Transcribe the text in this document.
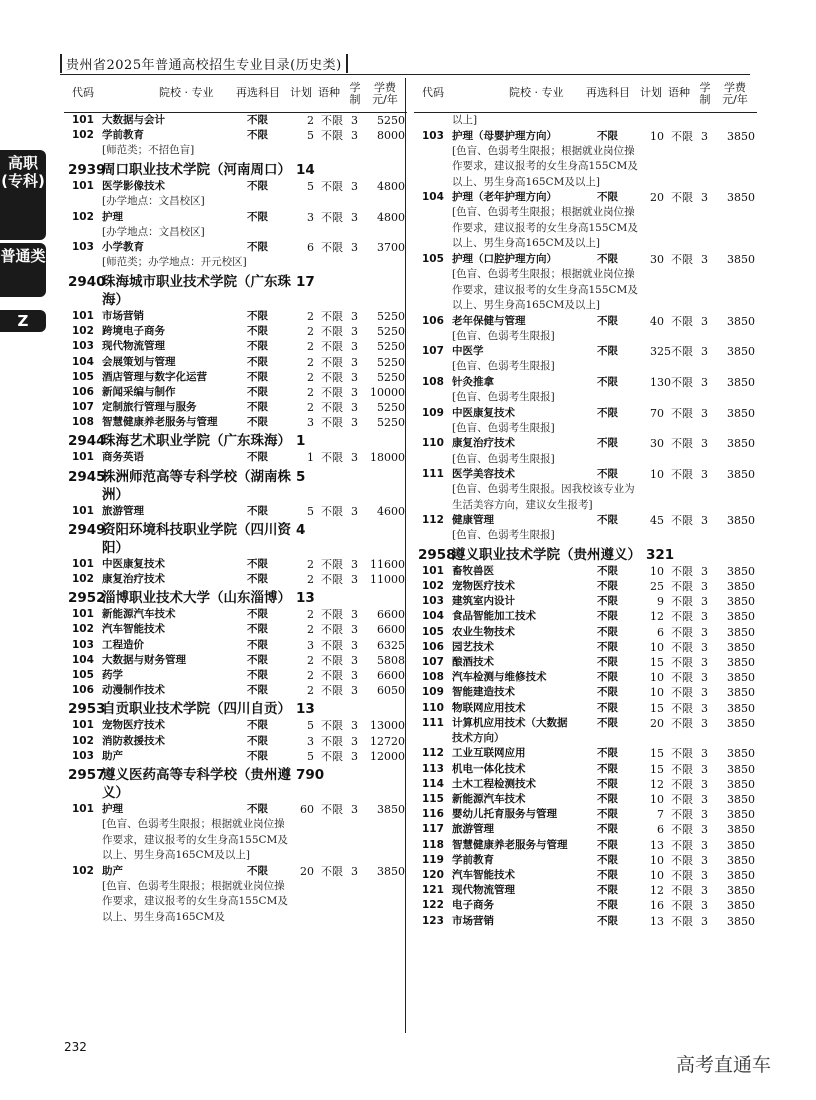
贵州省2025年普通高校招生专业目录(历史类)
高职(专科)
普通类
Z
代码	院校 · 专业 再选科目 计划 语种 学制
学费元/年
101 大数据与会计	不限	2 不限 3	5250
102 学前教育	不限	5 不限 3	8000
[师范类；不招色盲]
2939
周口职业技术学院（河南周口） 14
101 医学影像技术	不限	5 不限 3	4800
[办学地点：文昌校区]
102 护理	不限	3 不限 3	4800
[办学地点：文昌校区]
103 小学教育	不限	6 不限 3	3700
[师范类；办学地点：开元校区]
2940
珠海城市职业技术学院（广东珠海）
17
101 市场营销	不限	2 不限 3	5250
102 跨境电子商务	不限	2 不限 3	5250
103 现代物流管理	不限	2 不限 3	5250
104 会展策划与管理	不限	2 不限 3	5250
105 酒店管理与数字化运营	不限	2 不限 3	5250
106 新闻采编与制作	不限	2 不限 3 10000
107 定制旅行管理与服务	不限	2 不限 3	5250
108 智慧健康养老服务与管理	不限	3 不限 3	5250
2944
珠海艺术职业学院（广东珠海） 1
101 商务英语	不限	1 不限 3 18000
2945
株洲师范高等专科学校（湖南株洲）
5
101 旅游管理	不限	5 不限 3	4600
2949
资阳环境科技职业学院（四川资阳）
4
101 中医康复技术	不限	2 不限 3 11600
102 康复治疗技术	不限	2 不限 3 11000
2952
淄博职业技术大学（山东淄博） 13
101 新能源汽车技术	不限	2 不限 3	6600
102 汽车智能技术	不限	2 不限 3	6600
103 工程造价	不限	3 不限 3	6325
104 大数据与财务管理	不限	2 不限 3	5808
105 药学	不限	2 不限 3	6600
106 动漫制作技术	不限	2 不限 3	6050
2953
自贡职业技术学院（四川自贡） 13
101 宠物医疗技术	不限	5 不限 3 13000
102 消防救援技术	不限	3 不限 3 12720
103 助产	不限	5 不限 3 12000
2957
遵义医药高等专科学校（贵州遵义）
790
101 护理	不限	60 不限 3	3850
[色盲、色弱考生限报；根据就业岗位操作要求，建议报考的女生身高155CM及以上、男生身高165CM及以上]
102 助产	不限	20 不限 3	3850
[色盲、色弱考生限报；根据就业岗位操作要求，建议报考的女生身高155CM及以上、男生身高165CM及
代码	院校 · 专业 再选科目 计划 语种 学制
学费元/年
以上]
103 护理（母婴护理方向）	不限	10 不限 3	3850
[色盲、色弱考生限报；根据就业岗位操作要求，建议报考的女生身高155CM及以上、男生身高165CM及以上]
104 护理（老年护理方向）	不限	20 不限 3	3850
[色盲、色弱考生限报；根据就业岗位操作要求，建议报考的女生身高155CM及以上、男生身高165CM及以上]
105 护理（口腔护理方向）	不限	30 不限 3	3850
[色盲、色弱考生限报；根据就业岗位操作要求，建议报考的女生身高155CM及以上、男生身高165CM及以上]
106 老年保健与管理	不限	40 不限 3	3850
[色盲、色弱考生限报]
107 中医学	不限	325 不限 3	3850
[色盲、色弱考生限报]
108 针灸推拿	不限	130 不限 3	3850
[色盲、色弱考生限报]
109 中医康复技术	不限	70 不限 3	3850
[色盲、色弱考生限报]
110 康复治疗技术	不限	30 不限 3	3850
[色盲、色弱考生限报]
111 医学美容技术	不限	10 不限 3	3850
[色盲、色弱考生限报。因我校该专业为生活美容方向，建议女生报考]
112 健康管理	不限	45 不限 3	3850
[色盲、色弱考生限报]
2958
遵义职业技术学院（贵州遵义） 321
101 畜牧兽医	不限	10 不限 3	3850
102 宠物医疗技术	不限	25 不限 3	3850
103 建筑室内设计	不限	9 不限 3	3850
104 食品智能加工技术	不限	12 不限 3	3850
105 农业生物技术	不限	6 不限 3	3850
106 园艺技术	不限	10 不限 3	3850
107 酿酒技术	不限	15 不限 3	3850
108 汽车检测与维修技术	不限	10 不限 3	3850
109 智能建造技术	不限	10 不限 3	3850
110 物联网应用技术	不限	15 不限 3	3850
111 计算机应用技术（大数据	不限	20 不限 3	3850
技术方向）
112 工业互联网应用	不限	15 不限 3	3850
113 机电一体化技术	不限	15 不限 3	3850
114 土木工程检测技术	不限	12 不限 3	3850
115 新能源汽车技术	不限	10 不限 3	3850
116 婴幼儿托育服务与管理	不限	7 不限 3	3850
117 旅游管理	不限	6 不限 3	3850
118 智慧健康养老服务与管理	不限	13 不限 3	3850
119 学前教育	不限	10 不限 3	3850
120 汽车智能技术	不限	10 不限 3	3850
121 现代物流管理	不限	12 不限 3	3850
122 电子商务	不限	16 不限 3	3850
123 市场营销	不限	13 不限 3	3850
232
高考直通车
